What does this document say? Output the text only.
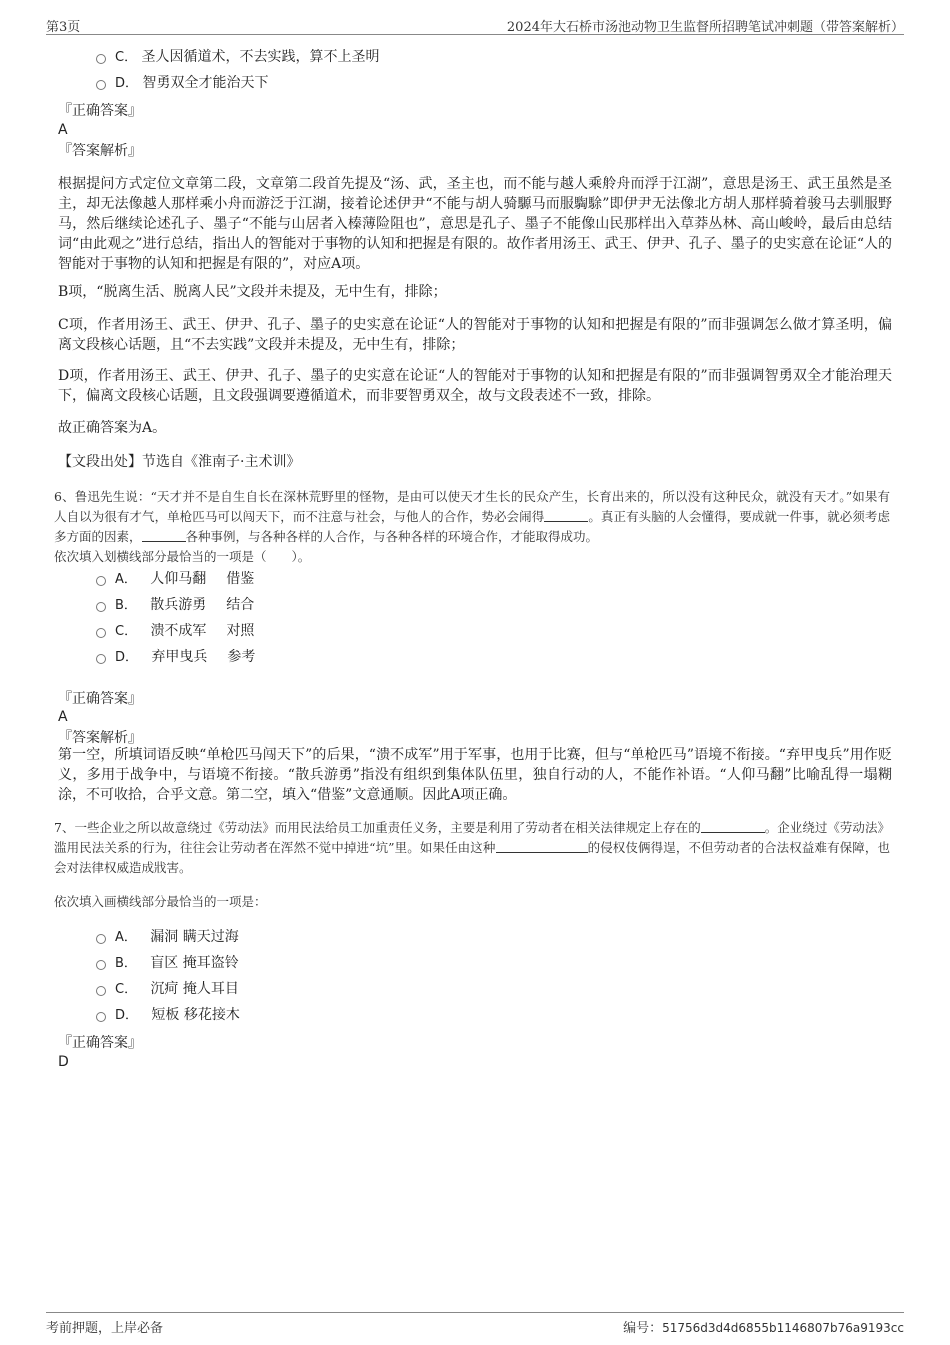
第3页	2024年大石桥市汤池动物卫生监督所招聘笔试冲刺题（带答案解析）
C． 圣人因循道术，不去实践，算不上圣明
D． 智勇双全才能治天下
『正确答案』
A
『答案解析』
根据提问方式定位文章第二段，文章第二段首先提及“汤、武，圣主也，而不能与越人乘舲舟而浮于江湖”，意思是汤王、武王虽然是圣主，却无法像越人那样乘小舟而游泛于江湖，接着论述伊尹“不能与胡人骑騵马而服騊駼”即伊尹无法像北方胡人那样骑着骏马去驯服野马，然后继续论述孔子、墨子“不能与山居者入榛薄险阻也”，意思是孔子、墨子不能像山民那样出入草莽丛林、高山峻岭，最后由总结词“由此观之”进行总结，指出人的智能对于事物的认知和把握是有限的。故作者用汤王、武王、伊尹、孔子、墨子的史实意在论证“人的智能对于事物的认知和把握是有限的”，对应A项。
B项，“脱离生活、脱离人民”文段并未提及，无中生有，排除；
C项，作者用汤王、武王、伊尹、孔子、墨子的史实意在论证“人的智能对于事物的认知和把握是有限的”而非强调怎么做才算圣明，偏离文段核心话题，且“不去实践”文段并未提及，无中生有，排除；
D项，作者用汤王、武王、伊尹、孔子、墨子的史实意在论证“人的智能对于事物的认知和把握是有限的”而非强调智勇双全才能治理天下，偏离文段核心话题，且文段强调要遵循道术，而非要智勇双全，故与文段表述不一致，排除。
故正确答案为A。
【文段出处】节选自《淮南子·主术训》
6、鲁迅先生说：“天才并不是自生自长在深林荒野里的怪物，是由可以使天才生长的民众产生，长育出来的，所以没有这种民众，就没有天才。”如果有人自以为很有才气，单枪匹马可以闯天下，而不注意与社会，与他人的合作，势必会闹得	。真正有头脑的人会懂得，要成就一件事，就必须考虑多方面的因素，	各种事例，与各种各样的人合作，与各种各样的环境合作，才能取得成功。
依次填入划横线部分最恰当的一项是（　　）。
A． 人仰马翻 借鉴
B． 散兵游勇 结合
C． 溃不成军 对照
D． 弃甲曳兵 参考
『正确答案』
A
『答案解析』
第一空，所填词语反映“单枪匹马闯天下”的后果，“溃不成军”用于军事，也用于比赛，但与“单枪匹马”语境不衔接。“弃甲曳兵”用作贬义，多用于战争中，与语境不衔接。“散兵游勇”指没有组织到集体队伍里，独自行动的人，不能作补语。“人仰马翻”比喻乱得一塌糊涂，不可收拾，合乎文意。第二空，填入“借鉴”文意通顺。因此A项正确。
7、一些企业之所以故意绕过《劳动法》而用民法给员工加重责任义务，主要是利用了劳动者在相关法律规定上存在的	。企业绕过《劳动法》滥用民法关系的行为，往往会让劳动者在浑然不觉中掉进“坑”里。如果任由这种	的侵权伎俩得逞，不但劳动者的合法权益难有保障，也会对法律权威造成戕害。
依次填入画横线部分最恰当的一项是：
A． 漏洞 瞒天过海
B． 盲区 掩耳盗铃
C． 沉疴 掩人耳目
D． 短板 移花接木
『正确答案』
D
考前押题，上岸必备	编号：51756d3d4d6855b1146807b76a9193cc
